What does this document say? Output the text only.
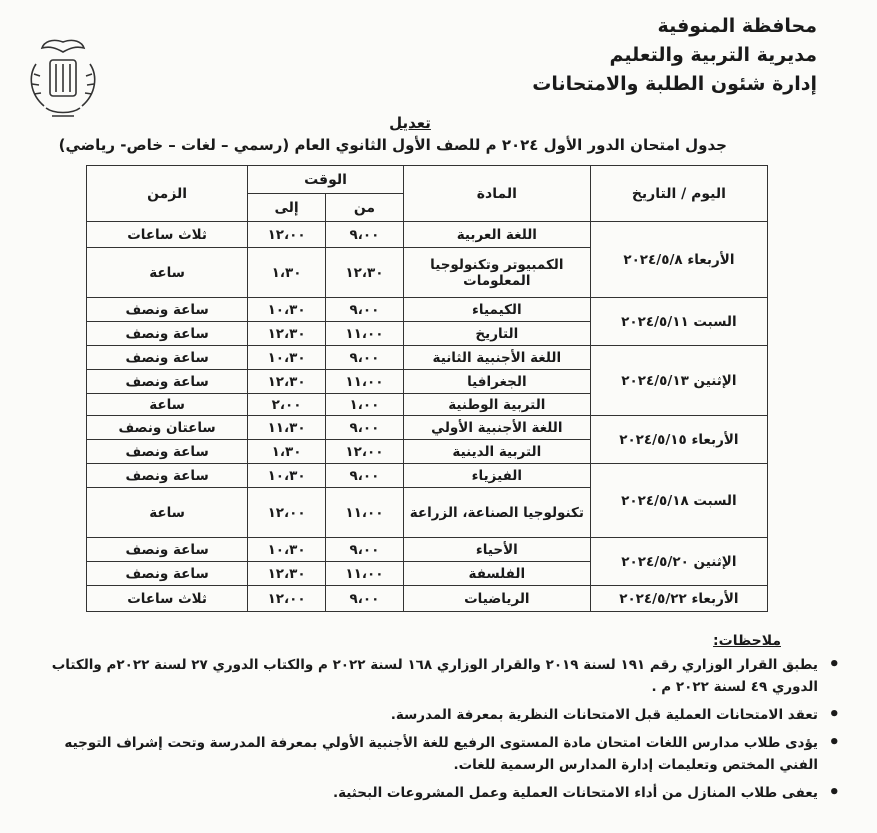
محافظة المنوفية
مديرية التربية والتعليم
إدارة شئون الطلبة والامتحانات
تعديل
جدول امتحان الدور الأول ٢٠٢٤ م للصف الأول الثانوي العام (رسمي – لغات – خاص- رياضي)
اليوم / التاريخ	المادة	الوقت		الزمن
		من	إلى	
الأربعاء ٢٠٢٤/٥/٨	اللغة العربية	٩،٠٠	١٢،٠٠	ثلاث ساعات
	الكمبيوتر وتكنولوجيا المعلومات	١٢،٣٠	١،٣٠	ساعة
السبت ٢٠٢٤/٥/١١	الكيمياء	٩،٠٠	١٠،٣٠	ساعة ونصف
	التاريخ	١١،٠٠	١٢،٣٠	ساعة ونصف
الإثنين ٢٠٢٤/٥/١٣	اللغة الأجنبية الثانية	٩،٠٠	١٠،٣٠	ساعة ونصف
	الجغرافيا	١١،٠٠	١٢،٣٠	ساعة ونصف
	التربية الوطنية	١،٠٠	٢،٠٠	ساعة
الأربعاء ٢٠٢٤/٥/١٥	اللغة الأجنبية الأولي	٩،٠٠	١١،٣٠	ساعتان ونصف
	التربية الدينية	١٢،٠٠	١،٣٠	ساعة ونصف
السبت ٢٠٢٤/٥/١٨	الفيزياء	٩،٠٠	١٠،٣٠	ساعة ونصف
	تكنولوجيا الصناعة، الزراعة	١١،٠٠	١٢،٠٠	ساعة
الإثنين ٢٠٢٤/٥/٢٠	الأحياء	٩،٠٠	١٠،٣٠	ساعة ونصف
	الفلسفة	١١،٠٠	١٢،٣٠	ساعة ونصف
الأربعاء ٢٠٢٤/٥/٢٢	الرياضيات	٩،٠٠	١٢،٠٠	ثلاث ساعات
ملاحظات:
• يطبق القرار الوزاري رقم ١٩١ لسنة ٢٠١٩ والقرار الوزاري ١٦٨ لسنة ٢٠٢٢ م والكتاب الدوري ٢٧ لسنة ٢٠٢٢م والكتاب الدوري ٤٩ لسنة ٢٠٢٢ م .
• تعقد الامتحانات العملية قبل الامتحانات النظرية بمعرفة المدرسة.
• يؤدى طلاب مدارس اللغات امتحان مادة المستوى الرفيع للغة الأجنبية الأولي بمعرفة المدرسة وتحت إشراف التوجيه الفني المختص وتعليمات إدارة المدارس الرسمية للغات.
• يعفى طلاب المنازل من أداء الامتحانات العملية وعمل المشروعات البحثية.
